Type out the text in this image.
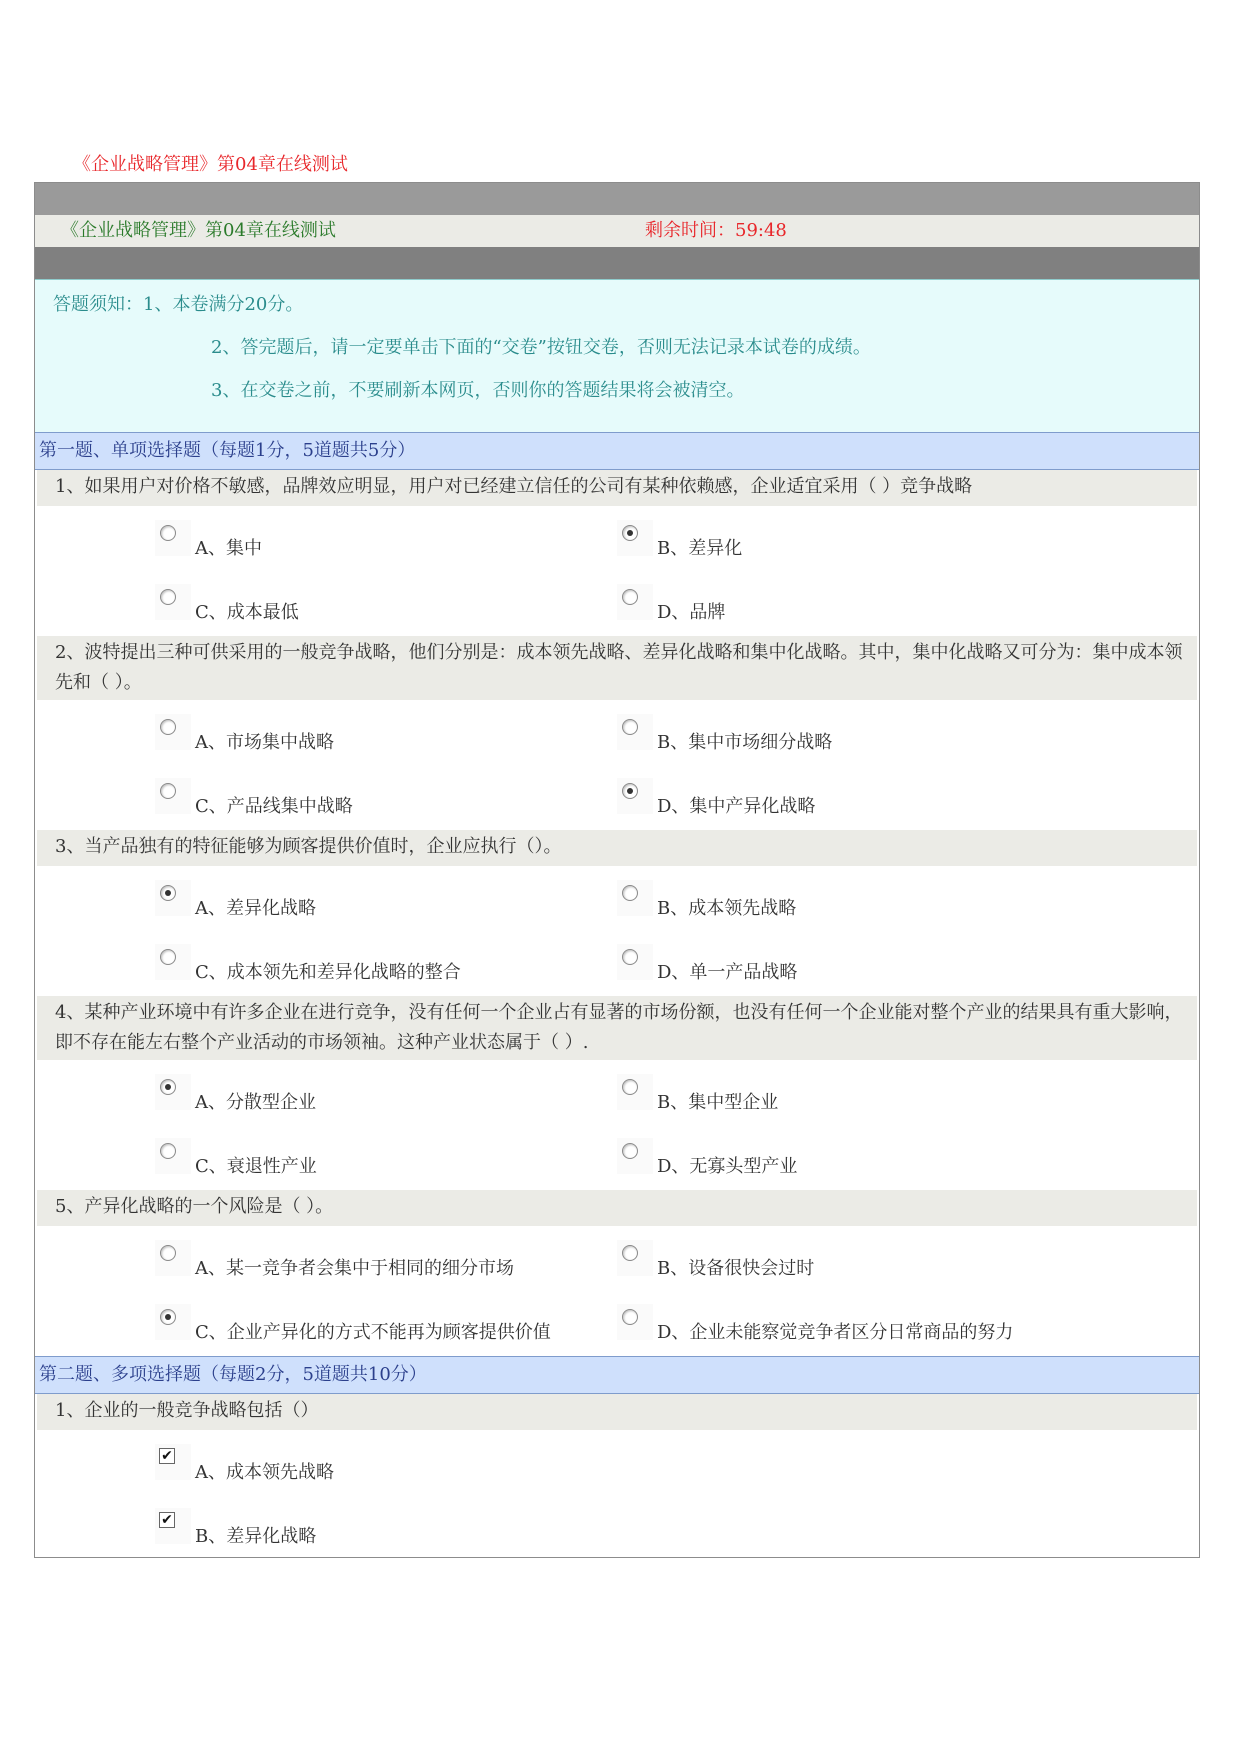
《企业战略管理》第04章在线测试
《企业战略管理》第04章在线测试	剩余时间：59:48
答题须知：1、本卷满分20分。
2、答完题后，请一定要单击下面的“交卷”按钮交卷，否则无法记录本试卷的成绩。
3、在交卷之前，不要刷新本网页，否则你的答题结果将会被清空。
第一题、单项选择题（每题1分，5道题共5分）
1、如果用户对价格不敏感，品牌效应明显，用户对已经建立信任的公司有某种依赖感，企业适宜采用（ ）竞争战略
A、集中	B、差异化
C、成本最低	D、品牌
2、波特提出三种可供采用的一般竞争战略，他们分别是：成本领先战略、差异化战略和集中化战略。其中，集中化战略又可分为：集中成本领先和（ ）。
A、市场集中战略	B、集中市场细分战略
C、产品线集中战略	D、集中产异化战略
3、当产品独有的特征能够为顾客提供价值时，企业应执行（）。
A、差异化战略	B、成本领先战略
C、成本领先和差异化战略的整合	D、单一产品战略
4、某种产业环境中有许多企业在进行竞争，没有任何一个企业占有显著的市场份额，也没有任何一个企业能对整个产业的结果具有重大影响，即不存在能左右整个产业活动的市场领袖。这种产业状态属于（ ）.
A、分散型企业	B、集中型企业
C、衰退性产业	D、无寡头型产业
5、产异化战略的一个风险是（ ）。
A、某一竞争者会集中于相同的细分市场	B、设备很快会过时
C、企业产异化的方式不能再为顾客提供价值	D、企业未能察觉竞争者区分日常商品的努力
第二题、多项选择题（每题2分，5道题共10分）
1、企业的一般竞争战略包括（）
✔
A、成本领先战略
✔
B、差异化战略
